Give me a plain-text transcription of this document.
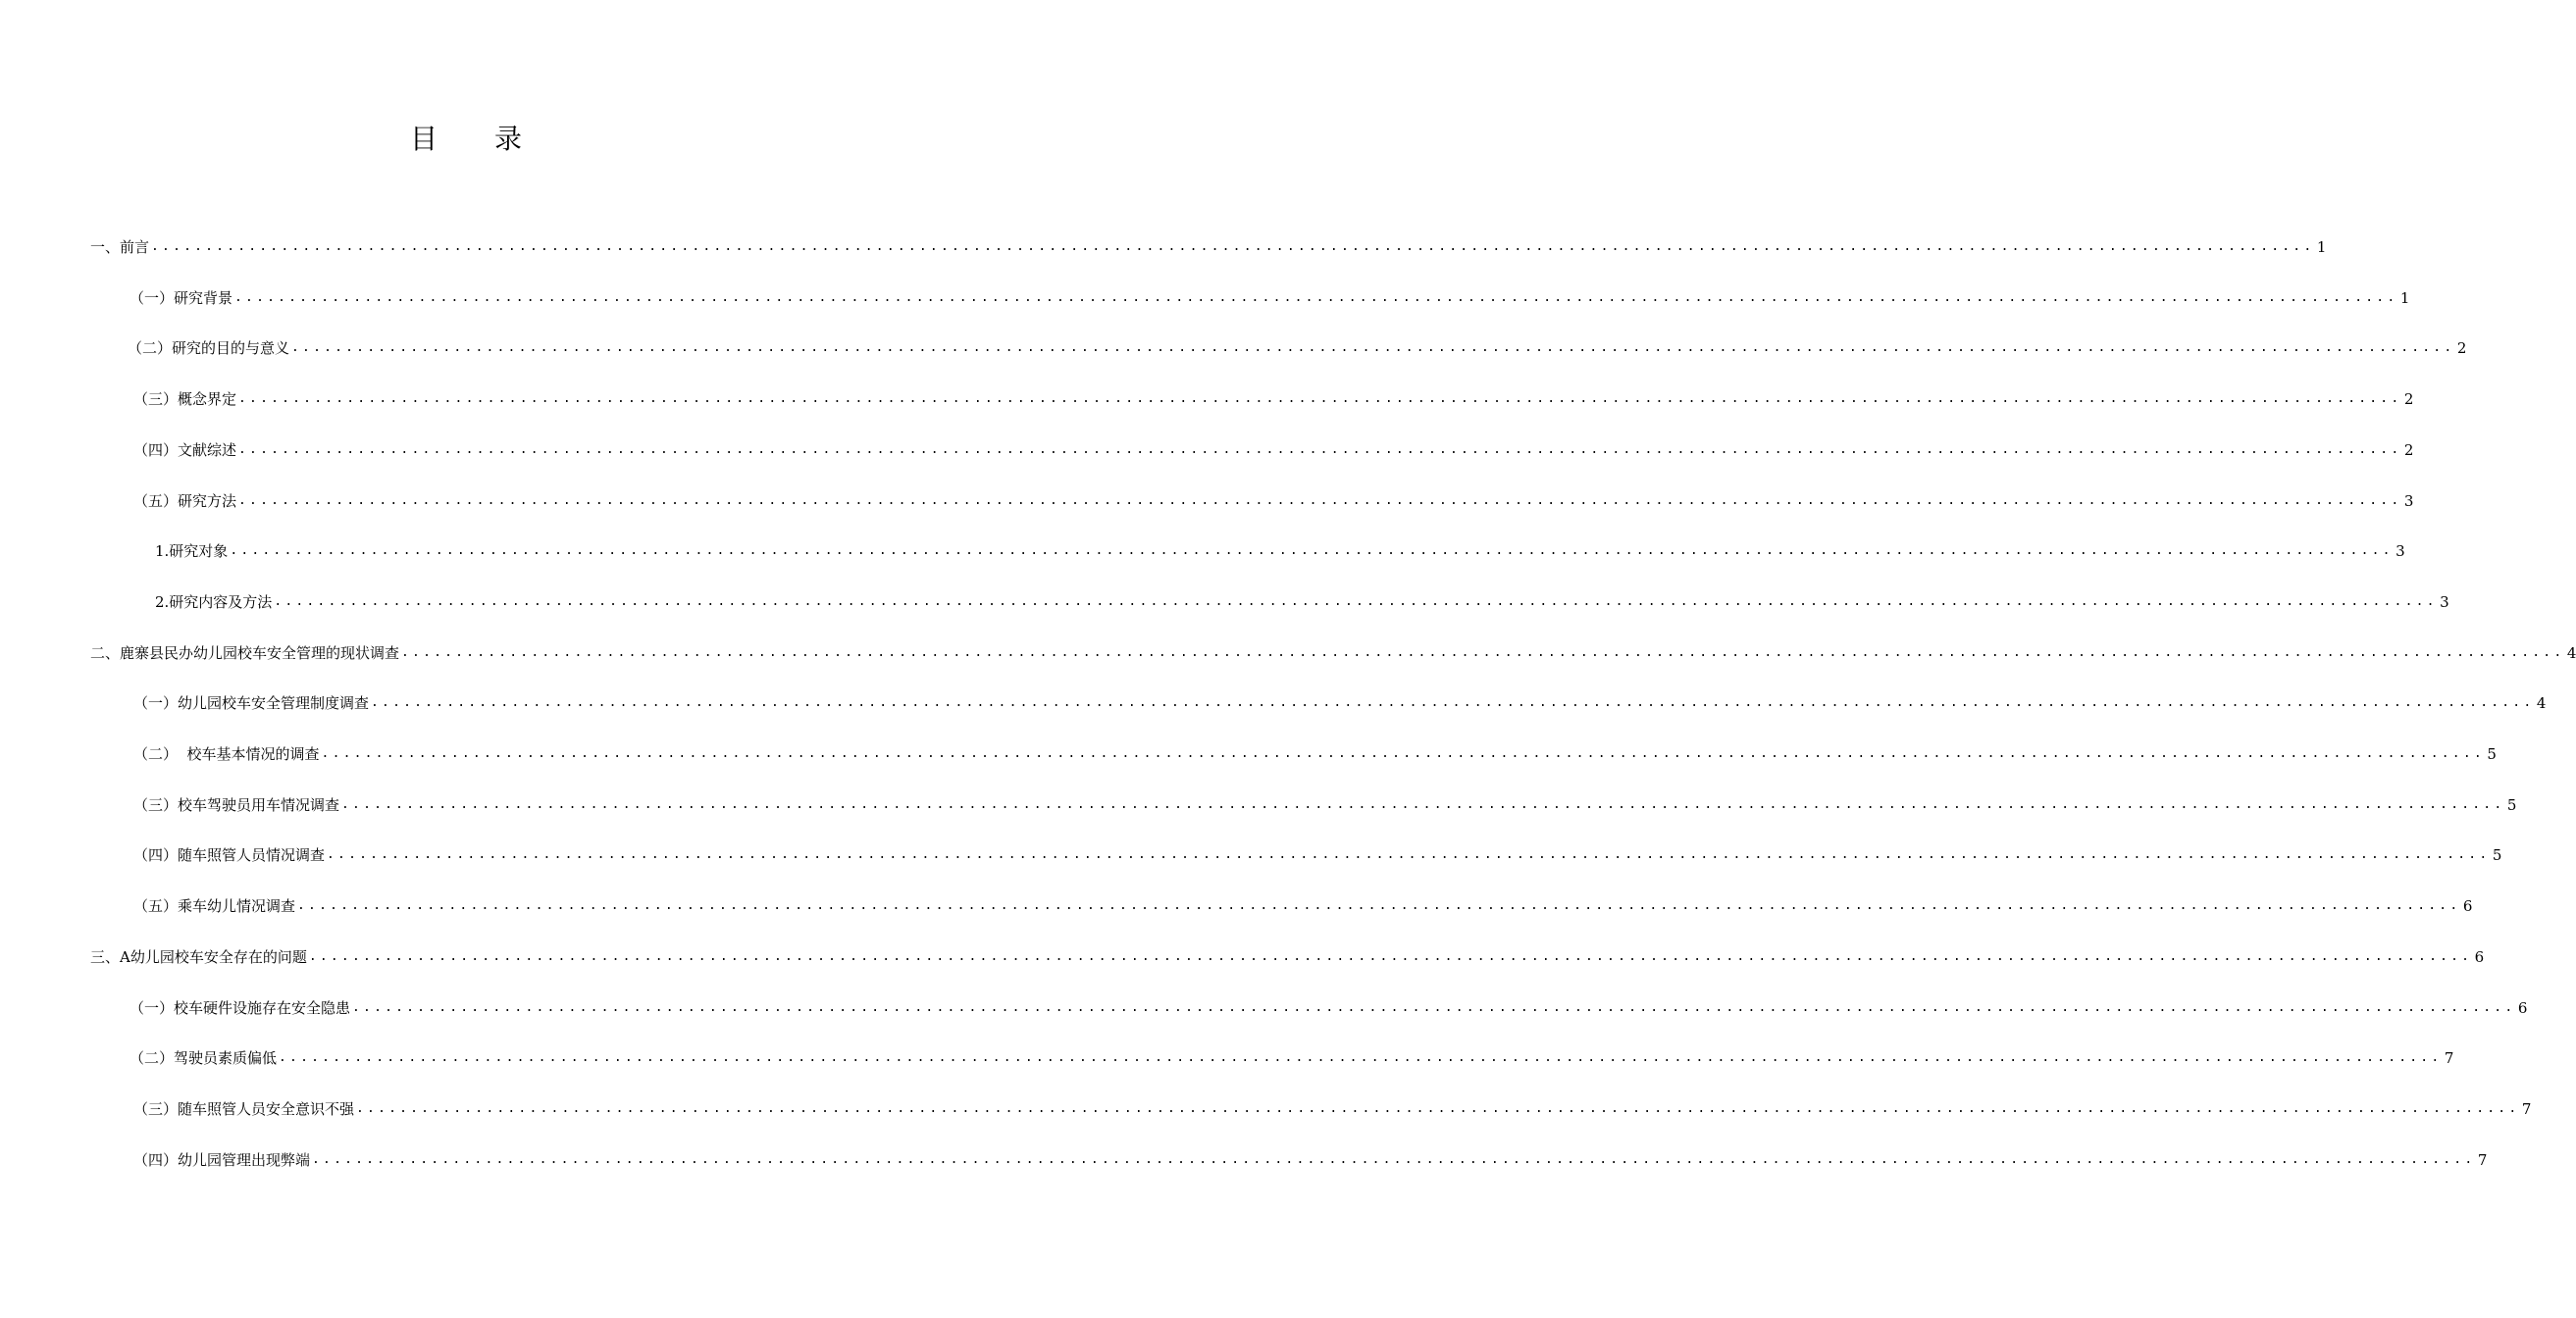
目 录
一、前言 ........................................................................................................................................................................................................ 1
（一）研究背景 ........................................................................................................................................................................................................ 1
（二）研究的目的与意义 ........................................................................................................................................................................................................ 2
（三）概念界定 ........................................................................................................................................................................................................ 2
（四）文献综述 ........................................................................................................................................................................................................ 2
（五）研究方法 ........................................................................................................................................................................................................ 3
1.研究对象 ........................................................................................................................................................................................................ 3
2.研究内容及方法 ........................................................................................................................................................................................................ 3
二、鹿寨县民办幼儿园校车安全管理的现状调查 ........................................................................................................................................................................................................ 4
（一）幼儿园校车安全管理制度调查 ........................................................................................................................................................................................................ 4
（二）  校车基本情况的调查 ........................................................................................................................................................................................................ 5
（三）校车驾驶员用车情况调查 ........................................................................................................................................................................................................ 5
（四）随车照管人员情况调查 ........................................................................................................................................................................................................ 5
（五）乘车幼儿情况调查 ........................................................................................................................................................................................................ 6
三、A幼儿园校车安全存在的问题 ........................................................................................................................................................................................................ 6
（一）校车硬件设施存在安全隐患 ........................................................................................................................................................................................................ 6
（二）驾驶员素质偏低 ........................................................................................................................................................................................................ 7
（三）随车照管人员安全意识不强 ........................................................................................................................................................................................................ 7
（四）幼儿园管理出现弊端 ........................................................................................................................................................................................................ 7
